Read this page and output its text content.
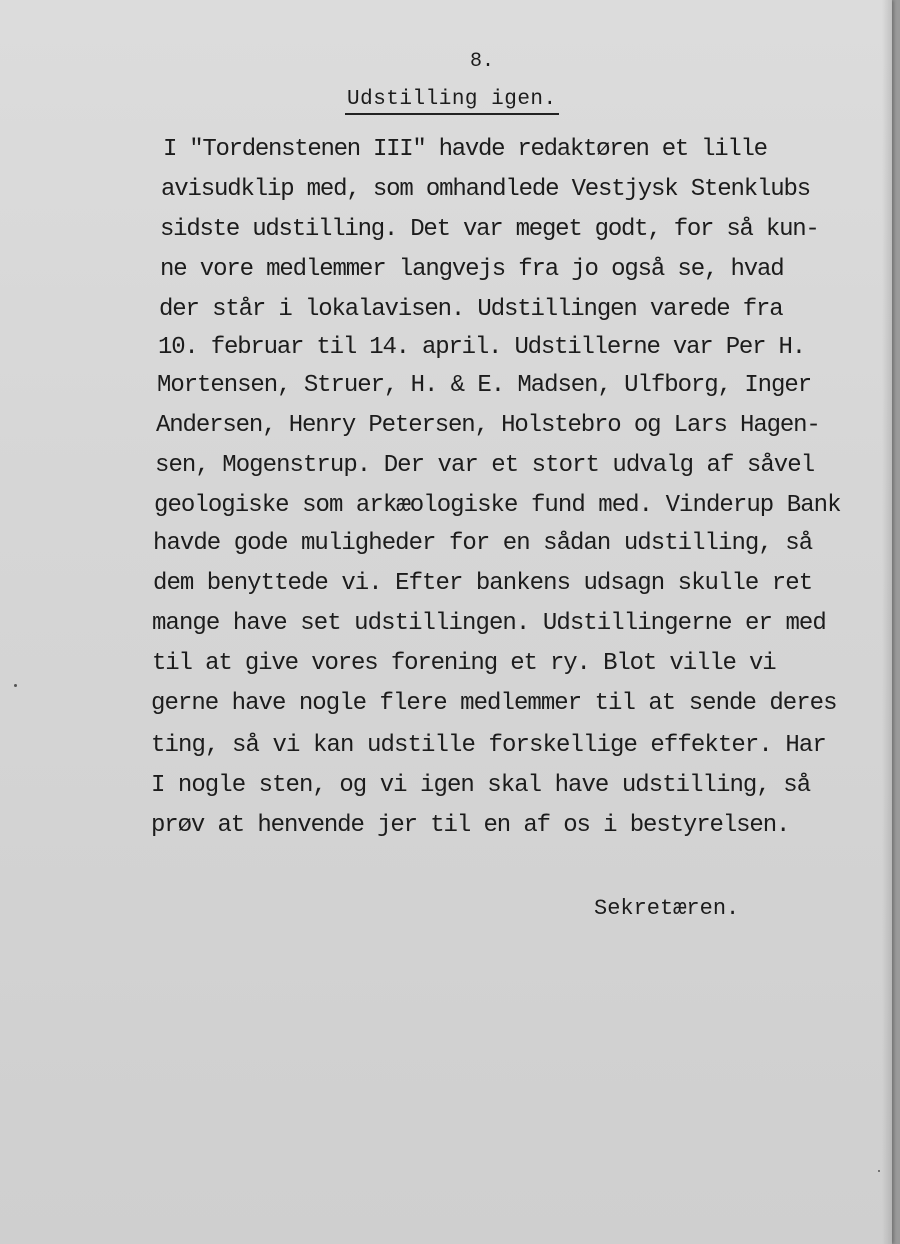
8.
Udstilling igen.
I "Tordenstenen III" havde redaktøren et lille
avisudklip med, som omhandlede Vestjysk Stenklubs
sidste udstilling. Det var meget godt, for så kun-
ne vore medlemmer langvejs fra jo også se, hvad
der står i lokalavisen. Udstillingen varede fra
10. februar til 14. april. Udstillerne var Per H.
Mortensen, Struer, H. & E. Madsen, Ulfborg, Inger
Andersen, Henry Petersen, Holstebro og Lars Hagen-
sen, Mogenstrup. Der var et stort udvalg af såvel
geologiske som arkæologiske fund med. Vinderup Bank
havde gode muligheder for en sådan udstilling, så
dem benyttede vi. Efter bankens udsagn skulle ret
mange have set udstillingen. Udstillingerne er med
til at give vores forening et ry. Blot ville vi
gerne have nogle flere medlemmer til at sende deres
ting, så vi kan udstille forskellige effekter. Har
I nogle sten, og vi igen skal have udstilling, så
prøv at henvende jer til en af os i bestyrelsen.
Sekretæren.
